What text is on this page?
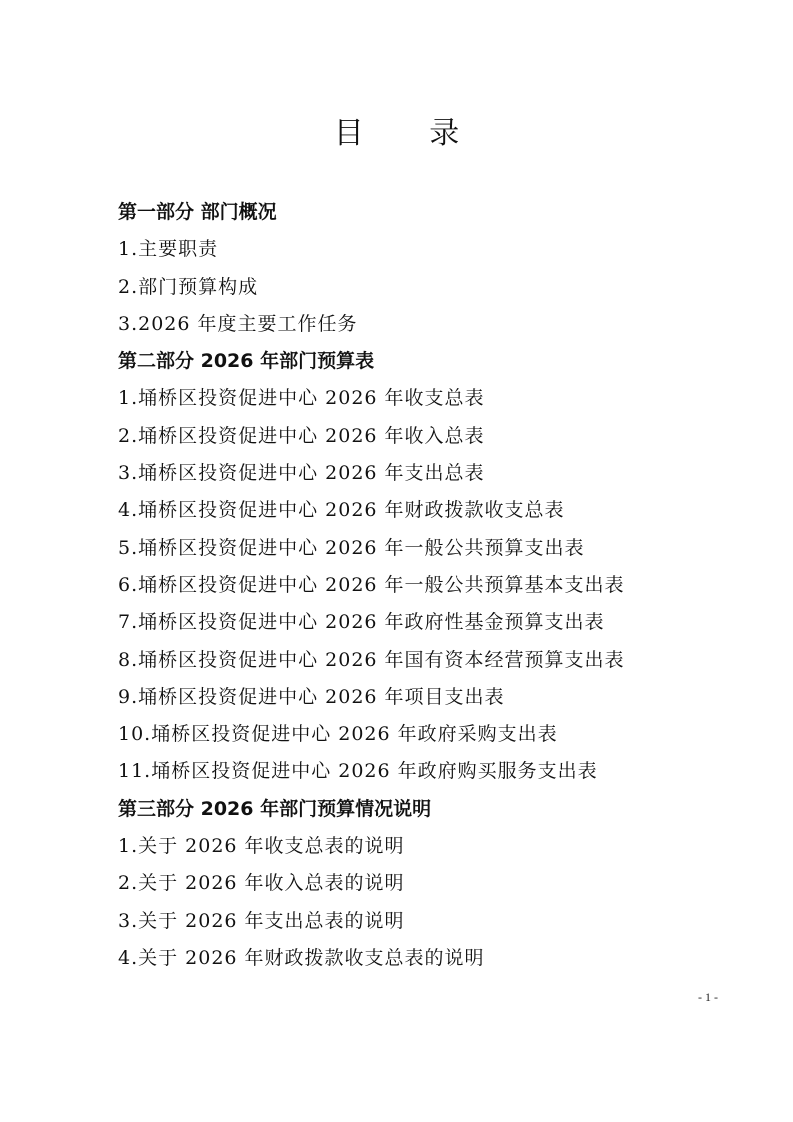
目 录
第一部分 部门概况
1.主要职责
2.部门预算构成
3.2026 年度主要工作任务
第二部分 2026 年部门预算表
1.埇桥区投资促进中心 2026 年收支总表
2.埇桥区投资促进中心 2026 年收入总表
3.埇桥区投资促进中心 2026 年支出总表
4.埇桥区投资促进中心 2026 年财政拨款收支总表
5.埇桥区投资促进中心 2026 年一般公共预算支出表
6.埇桥区投资促进中心 2026 年一般公共预算基本支出表
7.埇桥区投资促进中心 2026 年政府性基金预算支出表
8.埇桥区投资促进中心 2026 年国有资本经营预算支出表
9.埇桥区投资促进中心 2026 年项目支出表
10.埇桥区投资促进中心 2026 年政府采购支出表
11.埇桥区投资促进中心 2026 年政府购买服务支出表
第三部分 2026 年部门预算情况说明
1.关于 2026 年收支总表的说明
2.关于 2026 年收入总表的说明
3.关于 2026 年支出总表的说明
4.关于 2026 年财政拨款收支总表的说明
- 1 -
